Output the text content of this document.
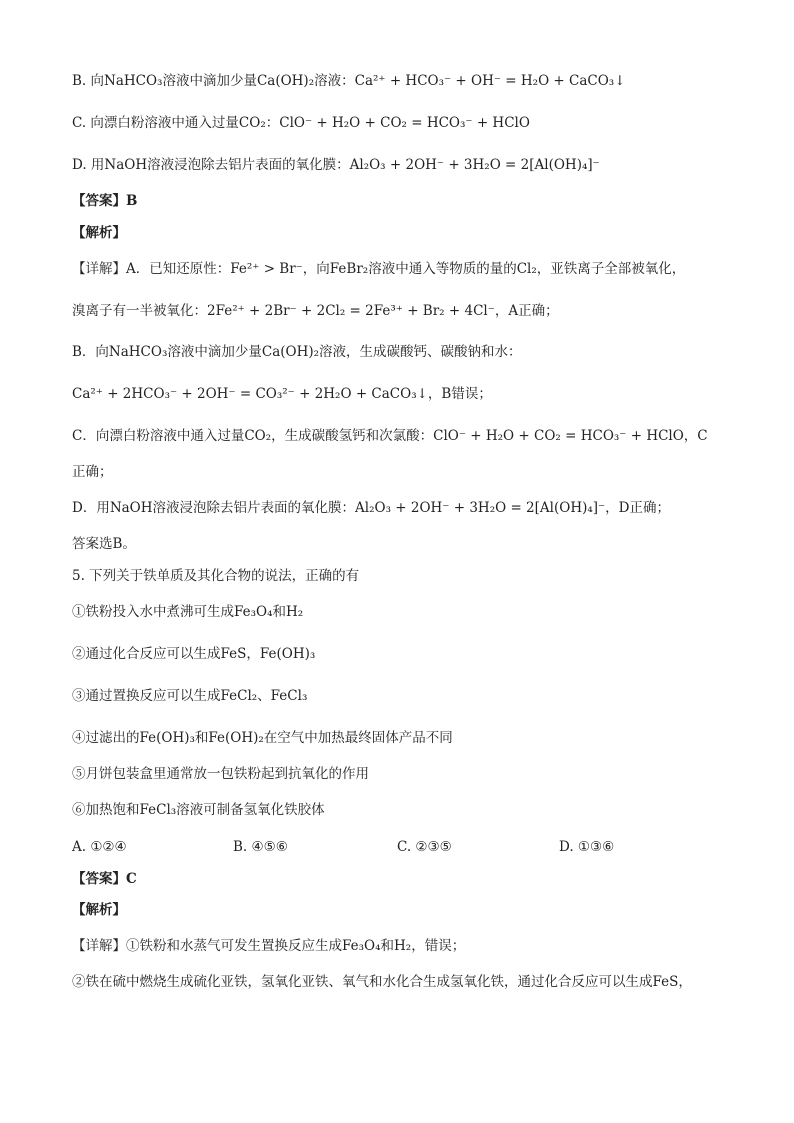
B. 向NaHCO₃溶液中滴加少量Ca(OH)₂溶液：Ca²⁺ + HCO₃⁻ + OH⁻ = H₂O + CaCO₃↓
C. 向漂白粉溶液中通入过量CO₂：ClO⁻ + H₂O + CO₂ = HCO₃⁻ + HClO
D. 用NaOH溶液浸泡除去铝片表面的氧化膜：Al₂O₃ + 2OH⁻ + 3H₂O = 2[Al(OH)₄]⁻
【答案】B
【解析】
【详解】A．已知还原性：Fe²⁺ > Br⁻，向FeBr₂溶液中通入等物质的量的Cl₂，亚铁离子全部被氧化，
溴离子有一半被氧化：2Fe²⁺ + 2Br⁻ + 2Cl₂ = 2Fe³⁺ + Br₂ + 4Cl⁻，A正确；
B．向NaHCO₃溶液中滴加少量Ca(OH)₂溶液，生成碳酸钙、碳酸钠和水：
Ca²⁺ + 2HCO₃⁻ + 2OH⁻ = CO₃²⁻ + 2H₂O + CaCO₃↓，B错误；
C．向漂白粉溶液中通入过量CO₂，生成碳酸氢钙和次氯酸：ClO⁻ + H₂O + CO₂ = HCO₃⁻ + HClO，C
正确；
D．用NaOH溶液浸泡除去铝片表面的氧化膜：Al₂O₃ + 2OH⁻ + 3H₂O = 2[Al(OH)₄]⁻，D正确；
答案选B。
5. 下列关于铁单质及其化合物的说法，正确的有
①铁粉投入水中煮沸可生成Fe₃O₄和H₂
②通过化合反应可以生成FeS，Fe(OH)₃
③通过置换反应可以生成FeCl₂、FeCl₃
④过滤出的Fe(OH)₃和Fe(OH)₂在空气中加热最终固体产品不同
⑤月饼包装盒里通常放一包铁粉起到抗氧化的作用
⑥加热饱和FeCl₃溶液可制备氢氧化铁胶体
A. ①②④	B. ④⑤⑥	C. ②③⑤	D. ①③⑥
【答案】C
【解析】
【详解】①铁粉和水蒸气可发生置换反应生成Fe₃O₄和H₂，错误；
②铁在硫中燃烧生成硫化亚铁，氢氧化亚铁、氧气和水化合生成氢氧化铁，通过化合反应可以生成FeS，
